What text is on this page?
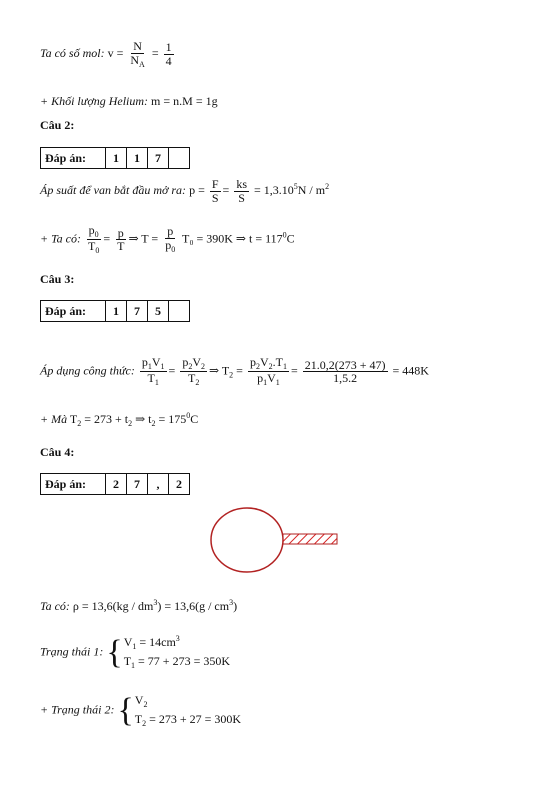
Ta có số mol: $v = \frac{N}{N_A} = \frac{1}{4}$
+ Khối lượng Helium: m = n.M = 1g
Câu 2:
Đáp án:	1	1	7	
Áp suất để van bắt đầu mở ra: $p = \frac{F}{S} = \frac{ks}{S} = 1,3.10^5N / m^2$
+ Ta có: $\frac{p_0}{T_0} = \frac{p}{T}$ ⇒ $T = \frac{p}{p_0} T_0 = 390K$ ⇒ $t = 117^0C$
Câu 3:
Đáp án:	1	7	5	
Áp dụng công thức: $\frac{p_1V_1}{T_1} = \frac{p_2V_2}{T_2}$ ⇒ $T_2 = \frac{p_2V_2.T_1}{p_1V_1} = \frac{21.0,2(273 + 47)}{1,5.2} = 448K$
+ Mà $T_2 = 273 + t_2$ ⇒ $t_2 = 175^0C$
Câu 4:
Đáp án:	2	7	,	2
Ta có: $\rho = 13,6(kg / dm^3) = 13,6(g / cm^3)$
Trạng thái 1: { $V_1 = 14cm^3$
$T_1 = 77 + 273 = 350K$
+ Trạng thái 2: { $V_2$
$T_2 = 273 + 27 = 300K$
